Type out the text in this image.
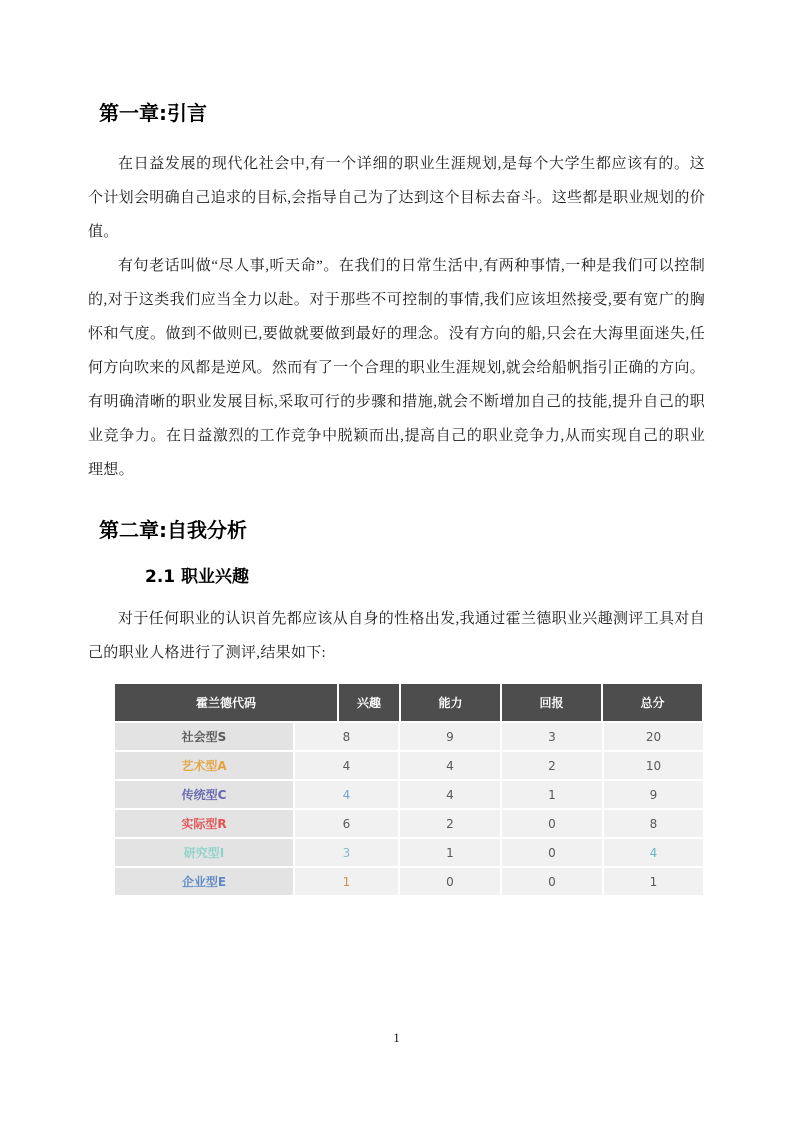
第一章:引言

在日益发展的现代化社会中,有一个详细的职业生涯规划,是每个大学生都应该有的。这个计划会明确自己追求的目标,会指导自己为了达到这个目标去奋斗。这些都是职业规划的价值。

有句老话叫做“尽人事,听天命”。在我们的日常生活中,有两种事情,一种是我们可以控制的,对于这类我们应当全力以赴。对于那些不可控制的事情,我们应该坦然接受,要有宽广的胸怀和气度。做到不做则已,要做就要做到最好的理念。没有方向的船,只会在大海里面迷失,任何方向吹来的风都是逆风。然而有了一个合理的职业生涯规划,就会给船帆指引正确的方向。有明确清晰的职业发展目标,采取可行的步骤和措施,就会不断增加自己的技能,提升自己的职业竞争力。在日益激烈的工作竞争中脱颖而出,提高自己的职业竞争力,从而实现自己的职业理想。

第二章:自我分析
2.1 职业兴趣

对于任何职业的认识首先都应该从自身的性格出发,我通过霍兰德职业兴趣测评工具对自己的职业人格进行了测评,结果如下:

霍兰德代码	兴趣	能力	回报	总分
社会型S	8	9	3	20
艺术型A	4	4	2	10
传统型C	4	4	1	9
实际型R	6	2	0	8
研究型I	3	1	0	4
企业型E	1	0	0	1
1
